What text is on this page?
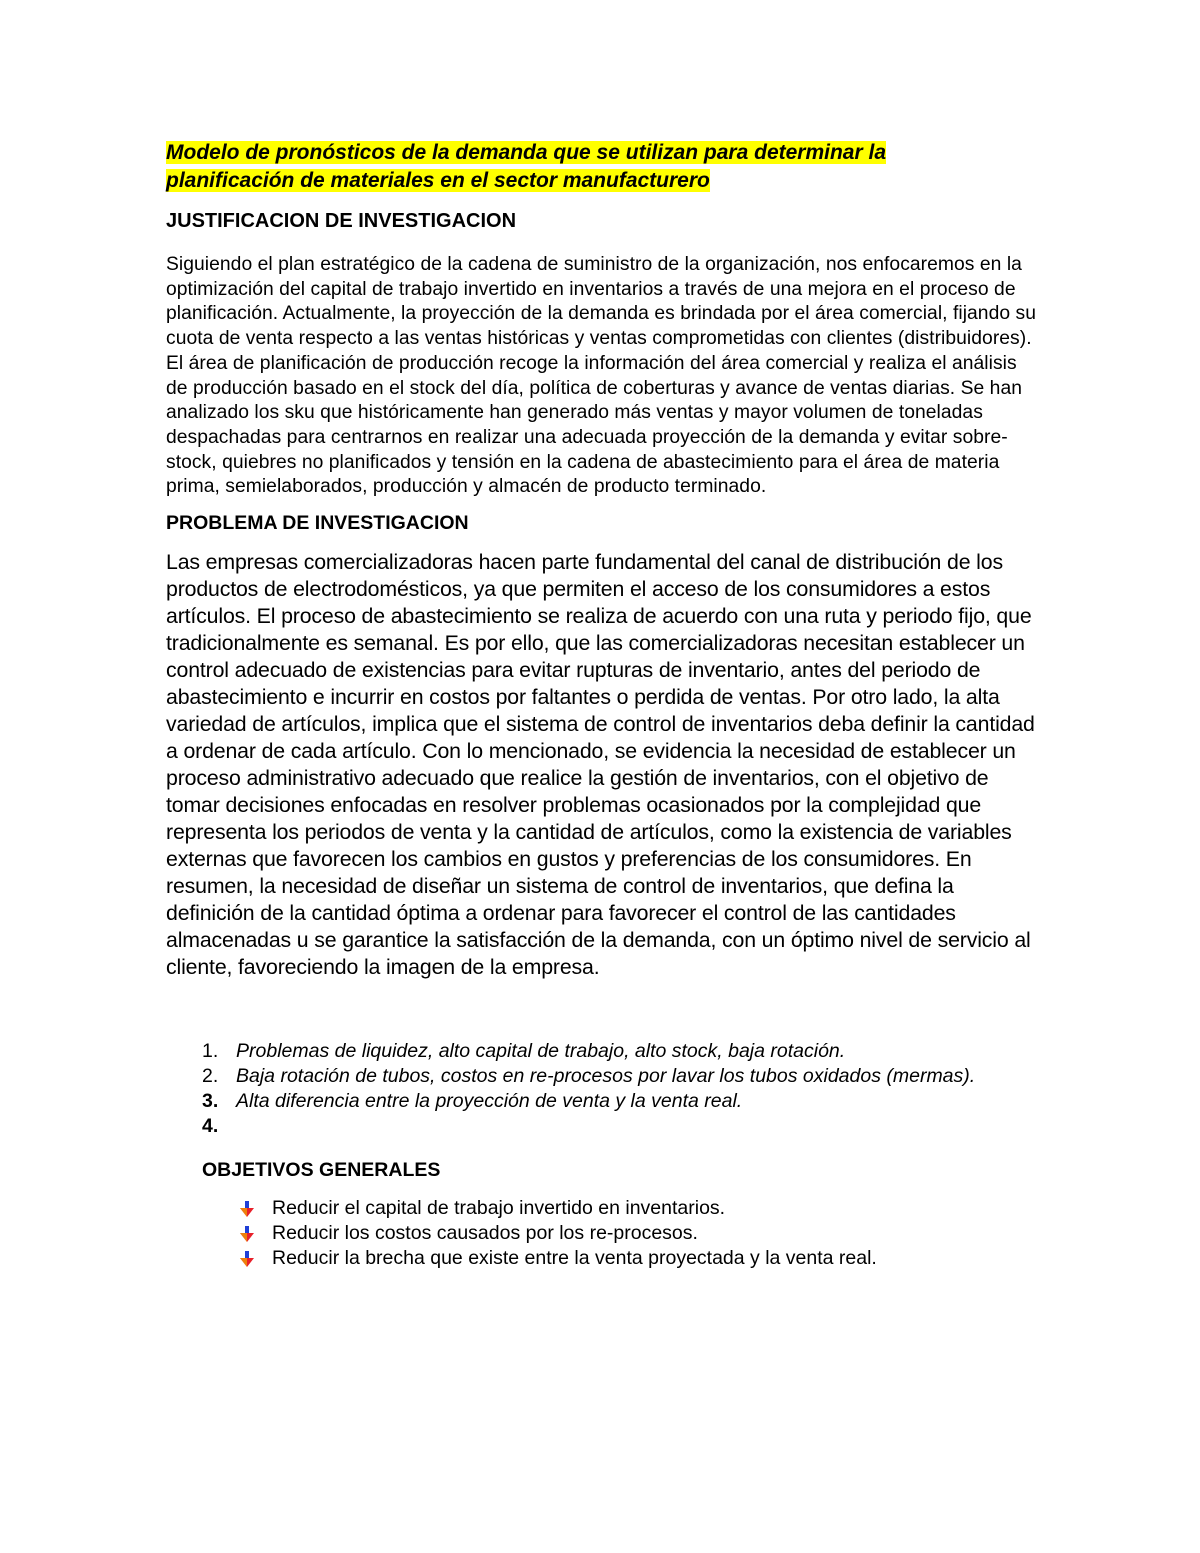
Modelo de pronósticos de la demanda que se utilizan para determinar la
planificación de materiales en el sector manufacturero
JUSTIFICACION DE INVESTIGACION

Siguiendo el plan estratégico de la cadena de suministro de la organización, nos enfocaremos en la optimización del capital de trabajo invertido en inventarios a través de una mejora en el proceso de planificación. Actualmente, la proyección de la demanda es brindada por el área comercial, fijando su cuota de venta respecto a las ventas históricas y ventas comprometidas con clientes (distribuidores). El área de planificación de producción recoge la información del área comercial y realiza el análisis de producción basado en el stock del día, política de coberturas y avance de ventas diarias. Se han analizado los sku que históricamente han generado más ventas y mayor volumen de toneladas despachadas para centrarnos en realizar una adecuada proyección de la demanda y evitar sobre-stock, quiebres no planificados y tensión en la cadena de abastecimiento para el área de materia prima, semielaborados, producción y almacén de producto terminado.

PROBLEMA DE INVESTIGACION

Las empresas comercializadoras hacen parte fundamental del canal de distribución de los productos de electrodomésticos, ya que permiten el acceso de los consumidores a estos artículos. El proceso de abastecimiento se realiza de acuerdo con una ruta y periodo fijo, que tradicionalmente es semanal. Es por ello, que las comercializadoras necesitan establecer un control adecuado de existencias para evitar rupturas de inventario, antes del periodo de abastecimiento e incurrir en costos por faltantes o perdida de ventas. Por otro lado, la alta variedad de artículos, implica que el sistema de control de inventarios deba definir la cantidad a ordenar de cada artículo. Con lo mencionado, se evidencia la necesidad de establecer un proceso administrativo adecuado que realice la gestión de inventarios, con el objetivo de tomar decisiones enfocadas en resolver problemas ocasionados por la complejidad que representa los periodos de venta y la cantidad de artículos, como la existencia de variables externas que favorecen los cambios en gustos y preferencias de los consumidores. En resumen, la necesidad de diseñar un sistema de control de inventarios, que defina la definición de la cantidad óptima a ordenar para favorecer el control de las cantidades almacenadas u se garantice la satisfacción de la demanda, con un óptimo nivel de servicio al cliente, favoreciendo la imagen de la empresa.

1. Problemas de liquidez, alto capital de trabajo, alto stock, baja rotación.
2. Baja rotación de tubos, costos en re-procesos por lavar los tubos oxidados (mermas).
3. Alta diferencia entre la proyección de venta y la venta real.
4.

OBJETIVOS GENERALES
Reducir el capital de trabajo invertido en inventarios.
Reducir los costos causados por los re-procesos.
Reducir la brecha que existe entre la venta proyectada y la venta real.
